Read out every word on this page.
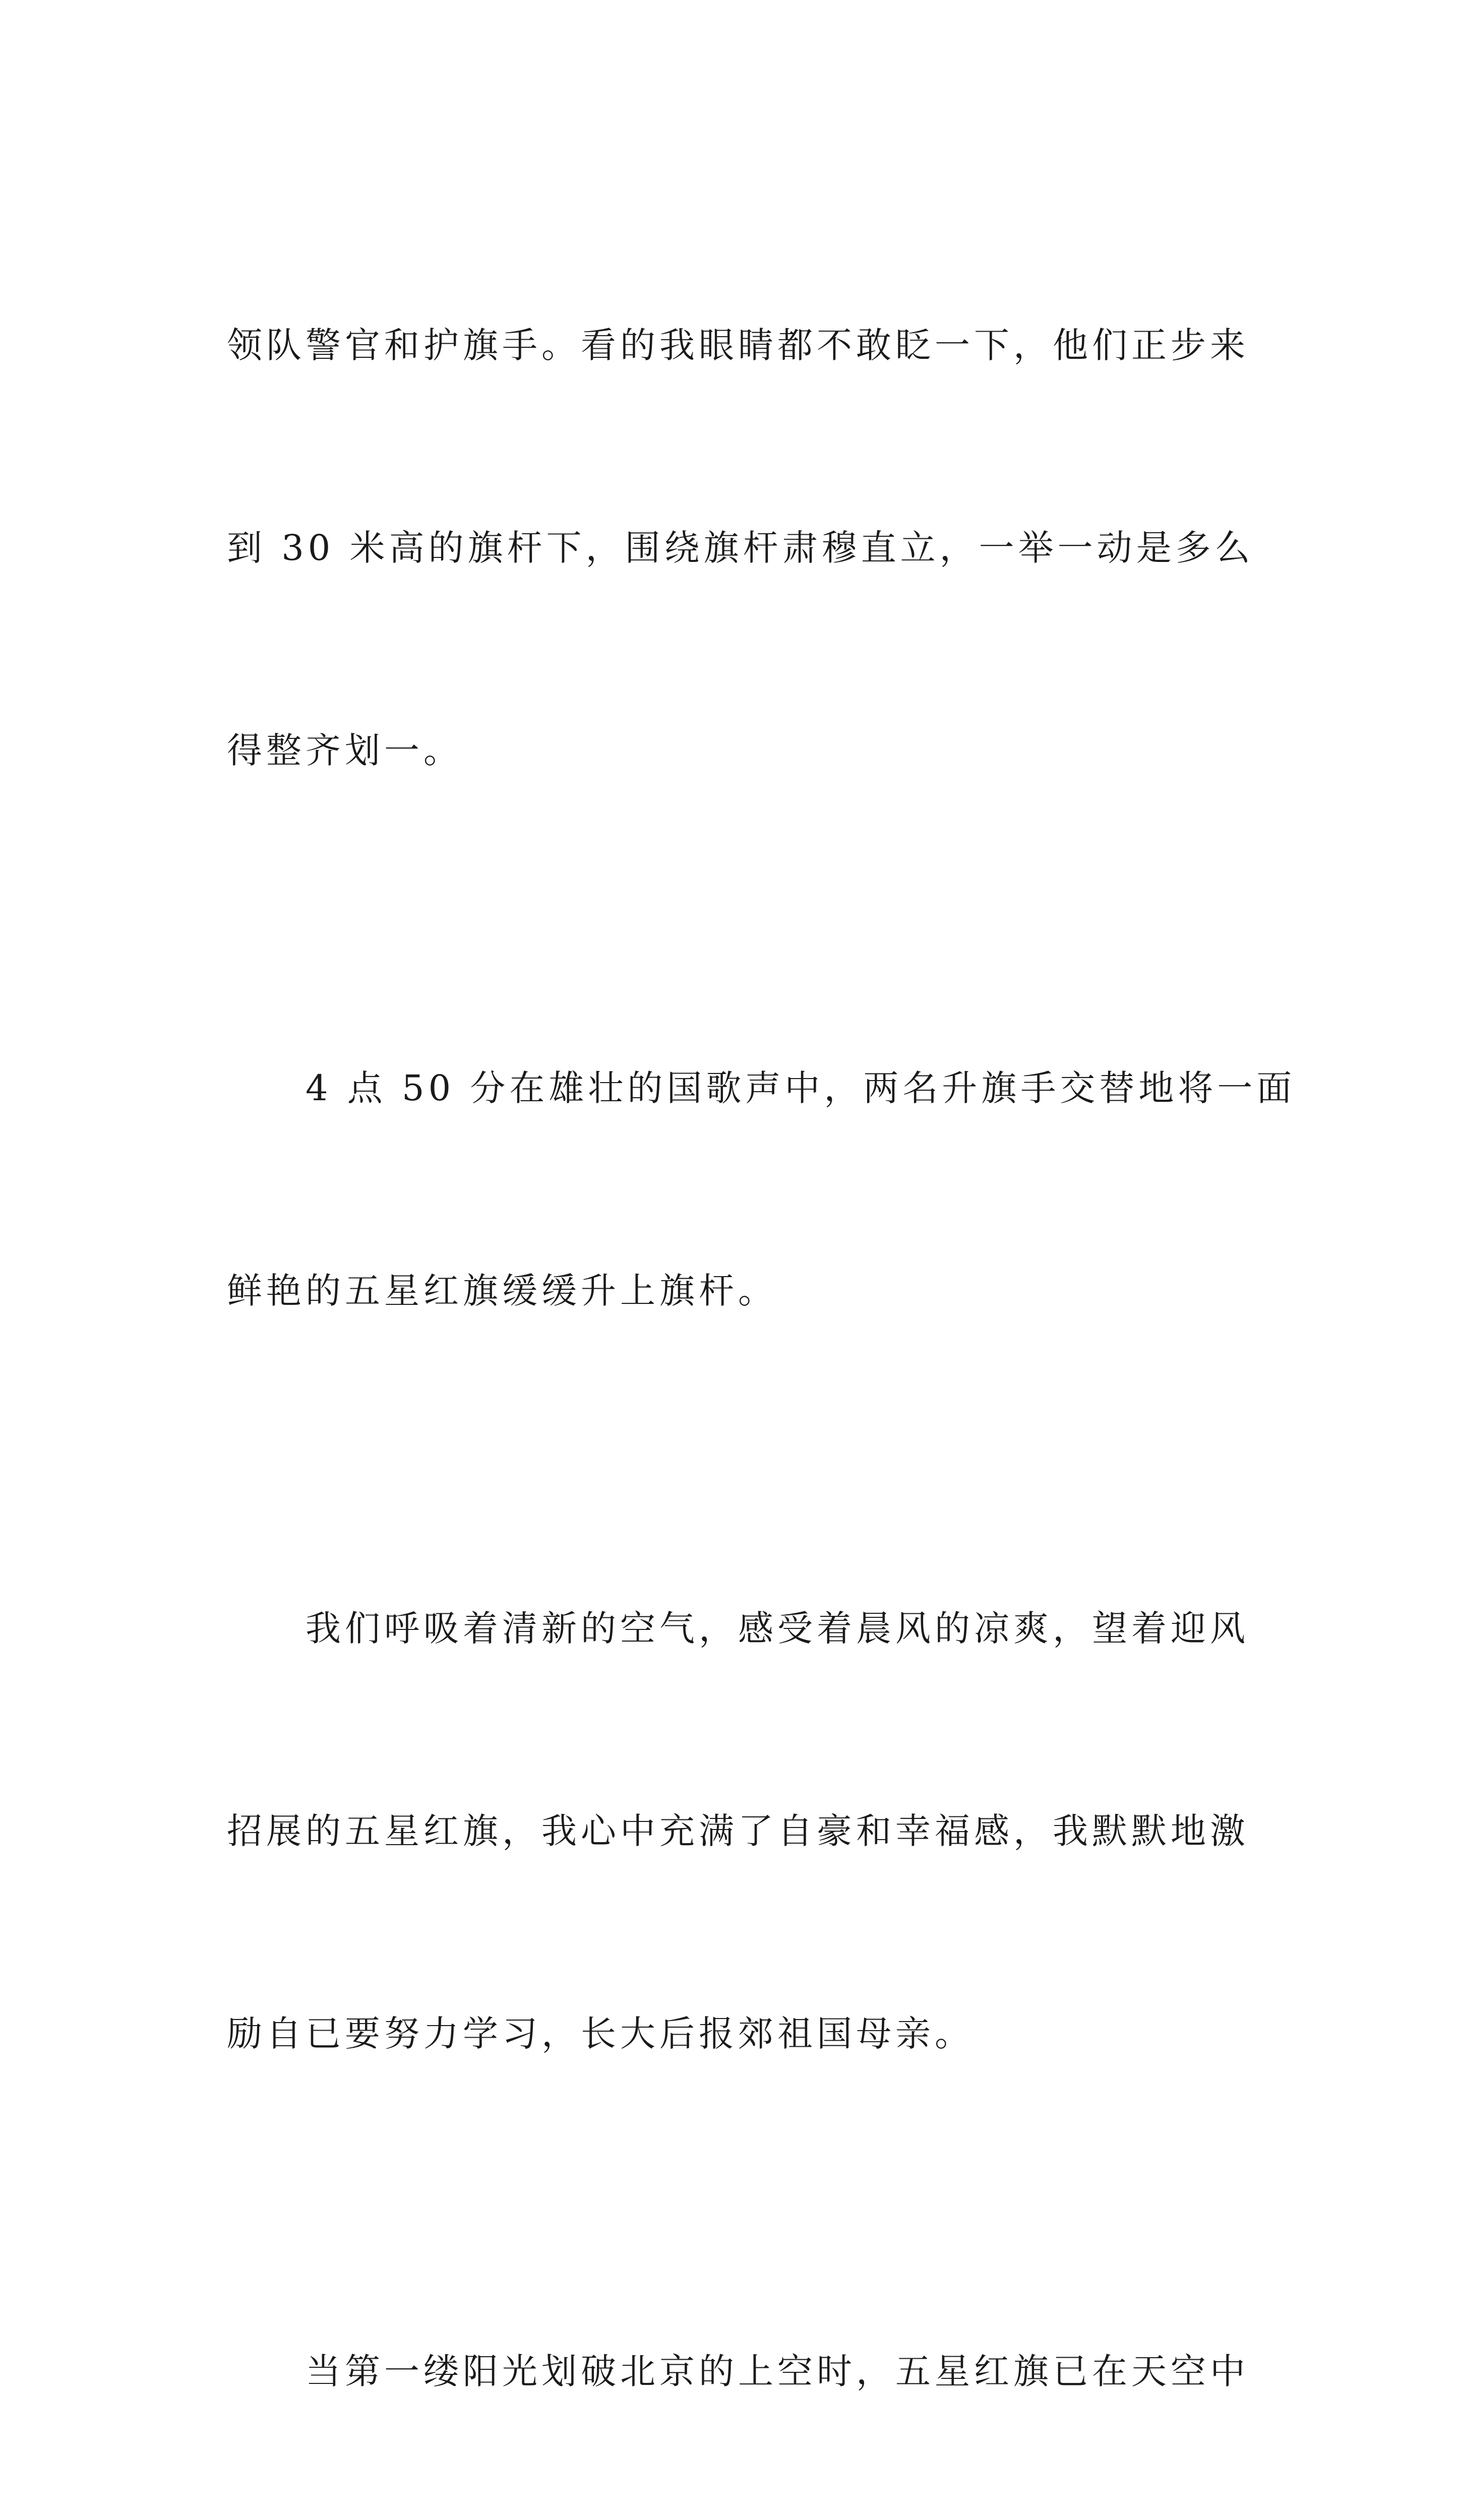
领队警官和护旗手。看的我眼睛都不敢眨一下，他们正步来

到 30 米高的旗杆下，围绕旗杆肃穆直立，一举一动是多么

得整齐划一。

　　4 点 50 分在雄壮的国歌声中，两名升旗手交替地将一面

鲜艳的五星红旗缓缓升上旗杆。

　　我们呼吸着清新的空气，感受着晨风的凉爽，望着迎风

招展的五星红旗，我心中充满了自豪和幸福感，我默默地激

励自已要努力学习，长大后报郊祖国母亲。

　　当第一缕阳光划破北京的上空时，五星红旗已在天空中
